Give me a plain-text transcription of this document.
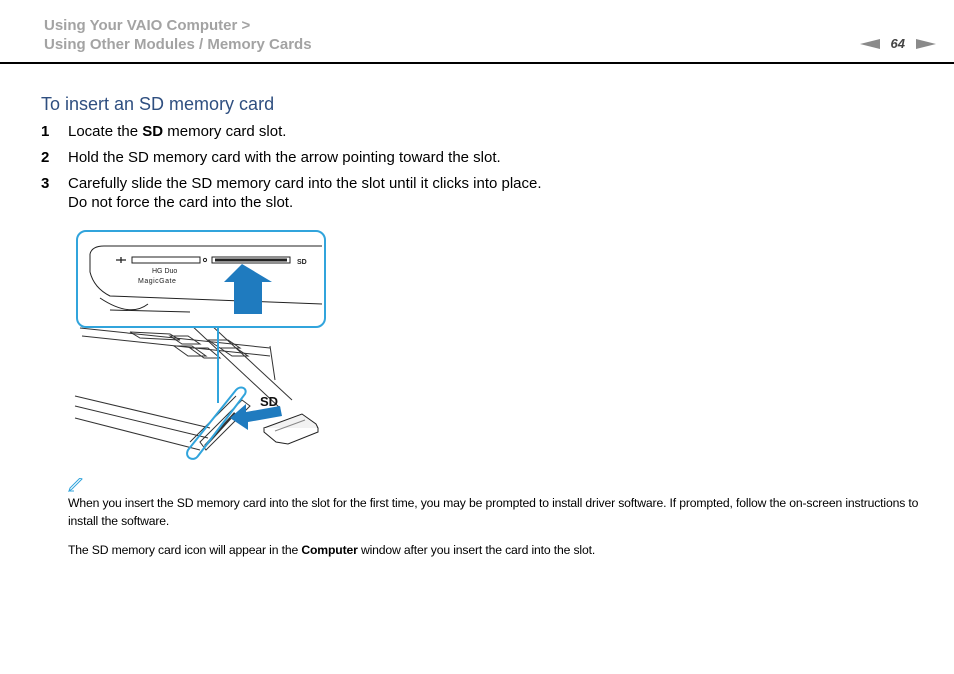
Using Your VAIO Computer >
Using Other Modules / Memory Cards	64
To insert an SD memory card
1 Locate the SD memory card slot.
2 Hold the SD memory card with the arrow pointing toward the slot.
3 Carefully slide the SD memory card into the slot until it clicks into place.
Do not force the card into the slot.
HG Duo
MagicGate
SD
SD
When you insert the SD memory card into the slot for the first time, you may be prompted to install driver software. If prompted, follow the on-screen instructions to install the software.
The SD memory card icon will appear in the Computer window after you insert the card into the slot.
